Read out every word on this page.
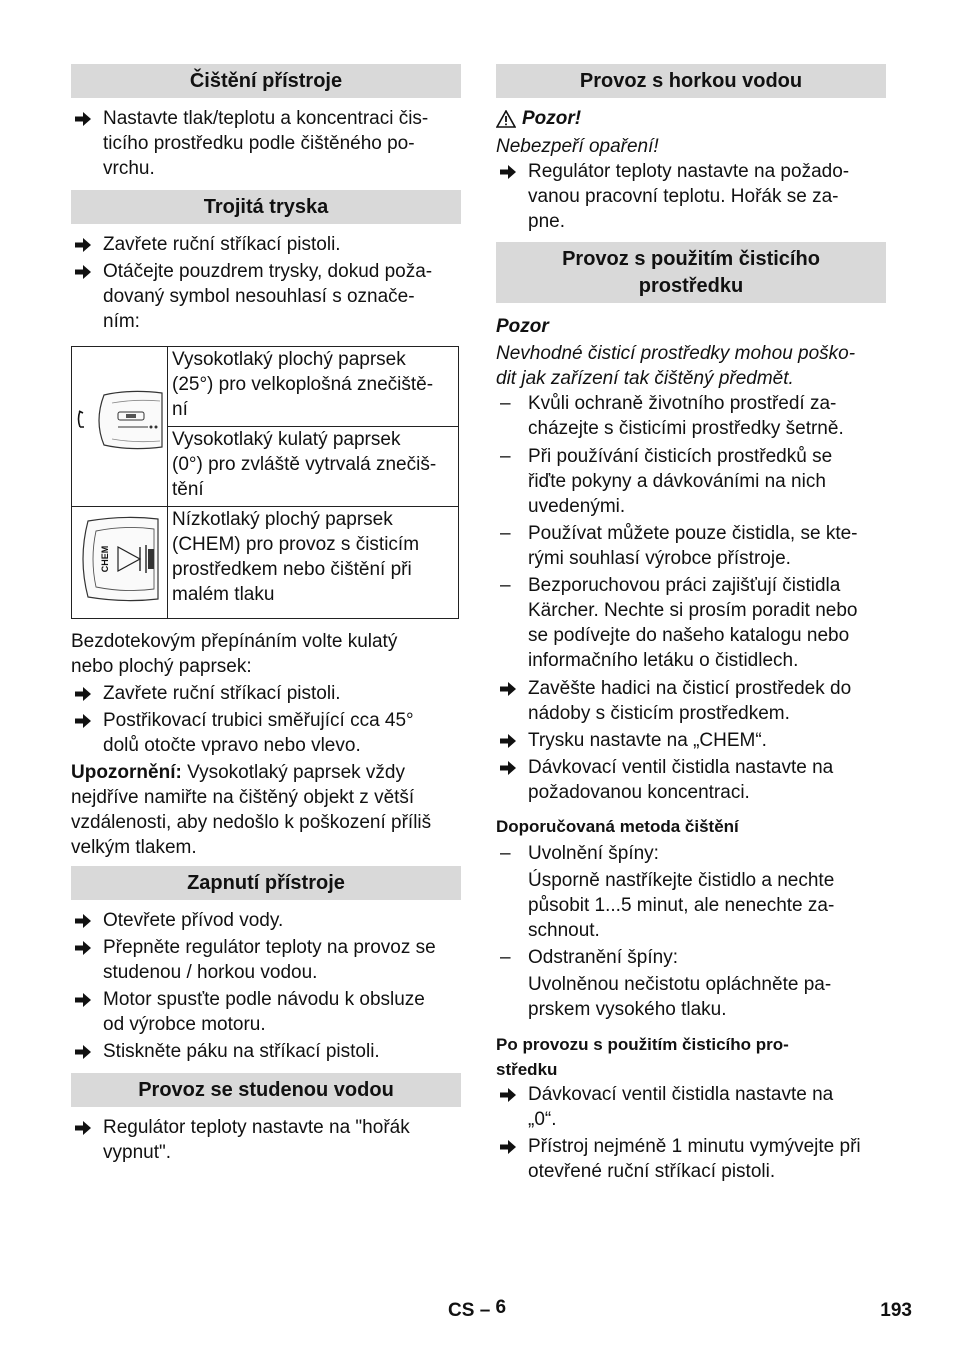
Čištění přístroje
Nastavte tlak/teplotu a koncentraci čis-
ticího prostředku podle čištěného po-
vrchu.
Trojitá tryska
Zavřete ruční stříkací pistoli.
Otáčejte pouzdrem trysky, dokud poža-
dovaný symbol nesouhlasí s označe-
ním:

Vysokotlaký plochý paprsek
(25°) pro velkoplošná znečiště-
ní

	Vysokotlaký kulatý paprsek
(0°) pro zvláště vytrvalá znečiš-
tění

CHEM	Nízkotlaký plochý paprsek
(CHEM) pro provoz s čisticím
prostředkem nebo čištění při
malém tlaku
Bezdotekovým přepínáním volte kulatý
nebo plochý paprsek:
Zavřete ruční stříkací pistoli.
Postřikovací trubici směřující cca 45°
dolů otočte vpravo nebo vlevo.
Upozornění: Vysokotlaký paprsek vždy
nejdříve namiřte na čištěný objekt z větší
vzdálenosti, aby nedošlo k poškození příliš
velkým tlakem.
Zapnutí přístroje
Otevřete přívod vody.
Přepněte regulátor teploty na provoz se
studenou / horkou vodou.
Motor spusťte podle návodu k obsluze
od výrobce motoru.
Stiskněte páku na stříkací pistoli.
Provoz se studenou vodou
Regulátor teploty nastavte na "hořák
vypnut".
Provoz s horkou vodou
Pozor!
Nebezpeří opaření!
Regulátor teploty nastavte na požado-
vanou pracovní teplotu. Hořák se za-
pne.
Provoz s použitím čisticího
prostředku
Pozor
Nevhodné čisticí prostředky mohou poško-
dit jak zařízení tak čištěný předmět.
– Kvůli ochraně životního prostředí za-
cházejte s čisticími prostředky šetrně.
– Při používání čisticích prostředků se
řiďte pokyny a dávkováními na nich
uvedenými.
– Používat můžete pouze čistidla, se kte-
rými souhlasí výrobce přístroje.
– Bezporuchovou práci zajišťují čistidla
Kärcher. Nechte si prosím poradit nebo
se podívejte do našeho katalogu nebo
informačního letáku o čistidlech.
Zavěšte hadici na čisticí prostředek do
nádoby s čisticím prostředkem.
Trysku nastavte na „CHEM“.
Dávkovací ventil čistidla nastavte na
požadovanou koncentraci.
Doporučovaná metoda čištění
– Uvolnění špíny:
Úsporně nastříkejte čistidlo a nechte
působit 1...5 minut, ale nenechte za-
schnout.
– Odstranění špíny:
Uvolněnou nečistotu opláchněte pa-
prskem vysokého tlaku.
Po provozu s použitím čisticího pro-
středku
Dávkovací ventil čistidla nastavte na
„0“.
Přístroj nejméně 1 minutu vymývejte při
otevřené ruční stříkací pistoli.
CS – 6	193
